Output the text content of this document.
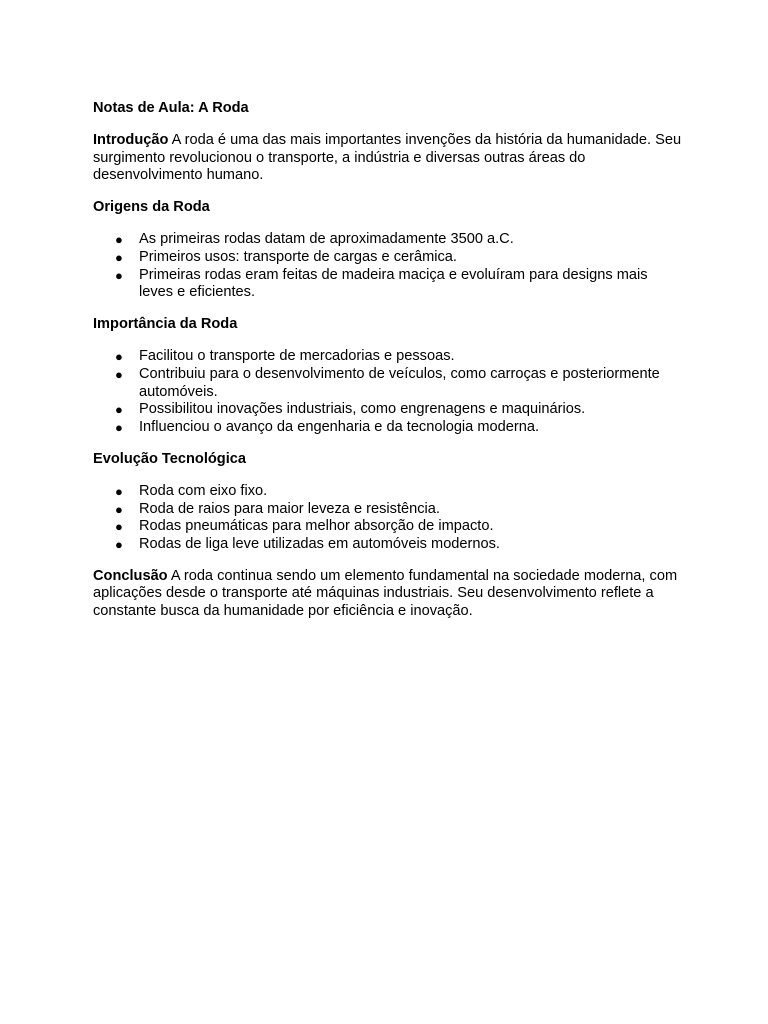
Notas de Aula: A Roda

Introdução A roda é uma das mais importantes invenções da história da humanidade. Seu surgimento revolucionou o transporte, a indústria e diversas outras áreas do desenvolvimento humano.

Origens da Roda
● As primeiras rodas datam de aproximadamente 3500 a.C.
● Primeiros usos: transporte de cargas e cerâmica.
● Primeiras rodas eram feitas de madeira maciça e evoluíram para designs mais leves e eficientes.
Importância da Roda
● Facilitou o transporte de mercadorias e pessoas.
● Contribuiu para o desenvolvimento de veículos, como carroças e posteriormente automóveis.
● Possibilitou inovações industriais, como engrenagens e maquinários.
● Influenciou o avanço da engenharia e da tecnologia moderna.
Evolução Tecnológica
● Roda com eixo fixo.
● Roda de raios para maior leveza e resistência.
● Rodas pneumáticas para melhor absorção de impacto.
● Rodas de liga leve utilizadas em automóveis modernos.

Conclusão A roda continua sendo um elemento fundamental na sociedade moderna, com aplicações desde o transporte até máquinas industriais. Seu desenvolvimento reflete a constante busca da humanidade por eficiência e inovação.
